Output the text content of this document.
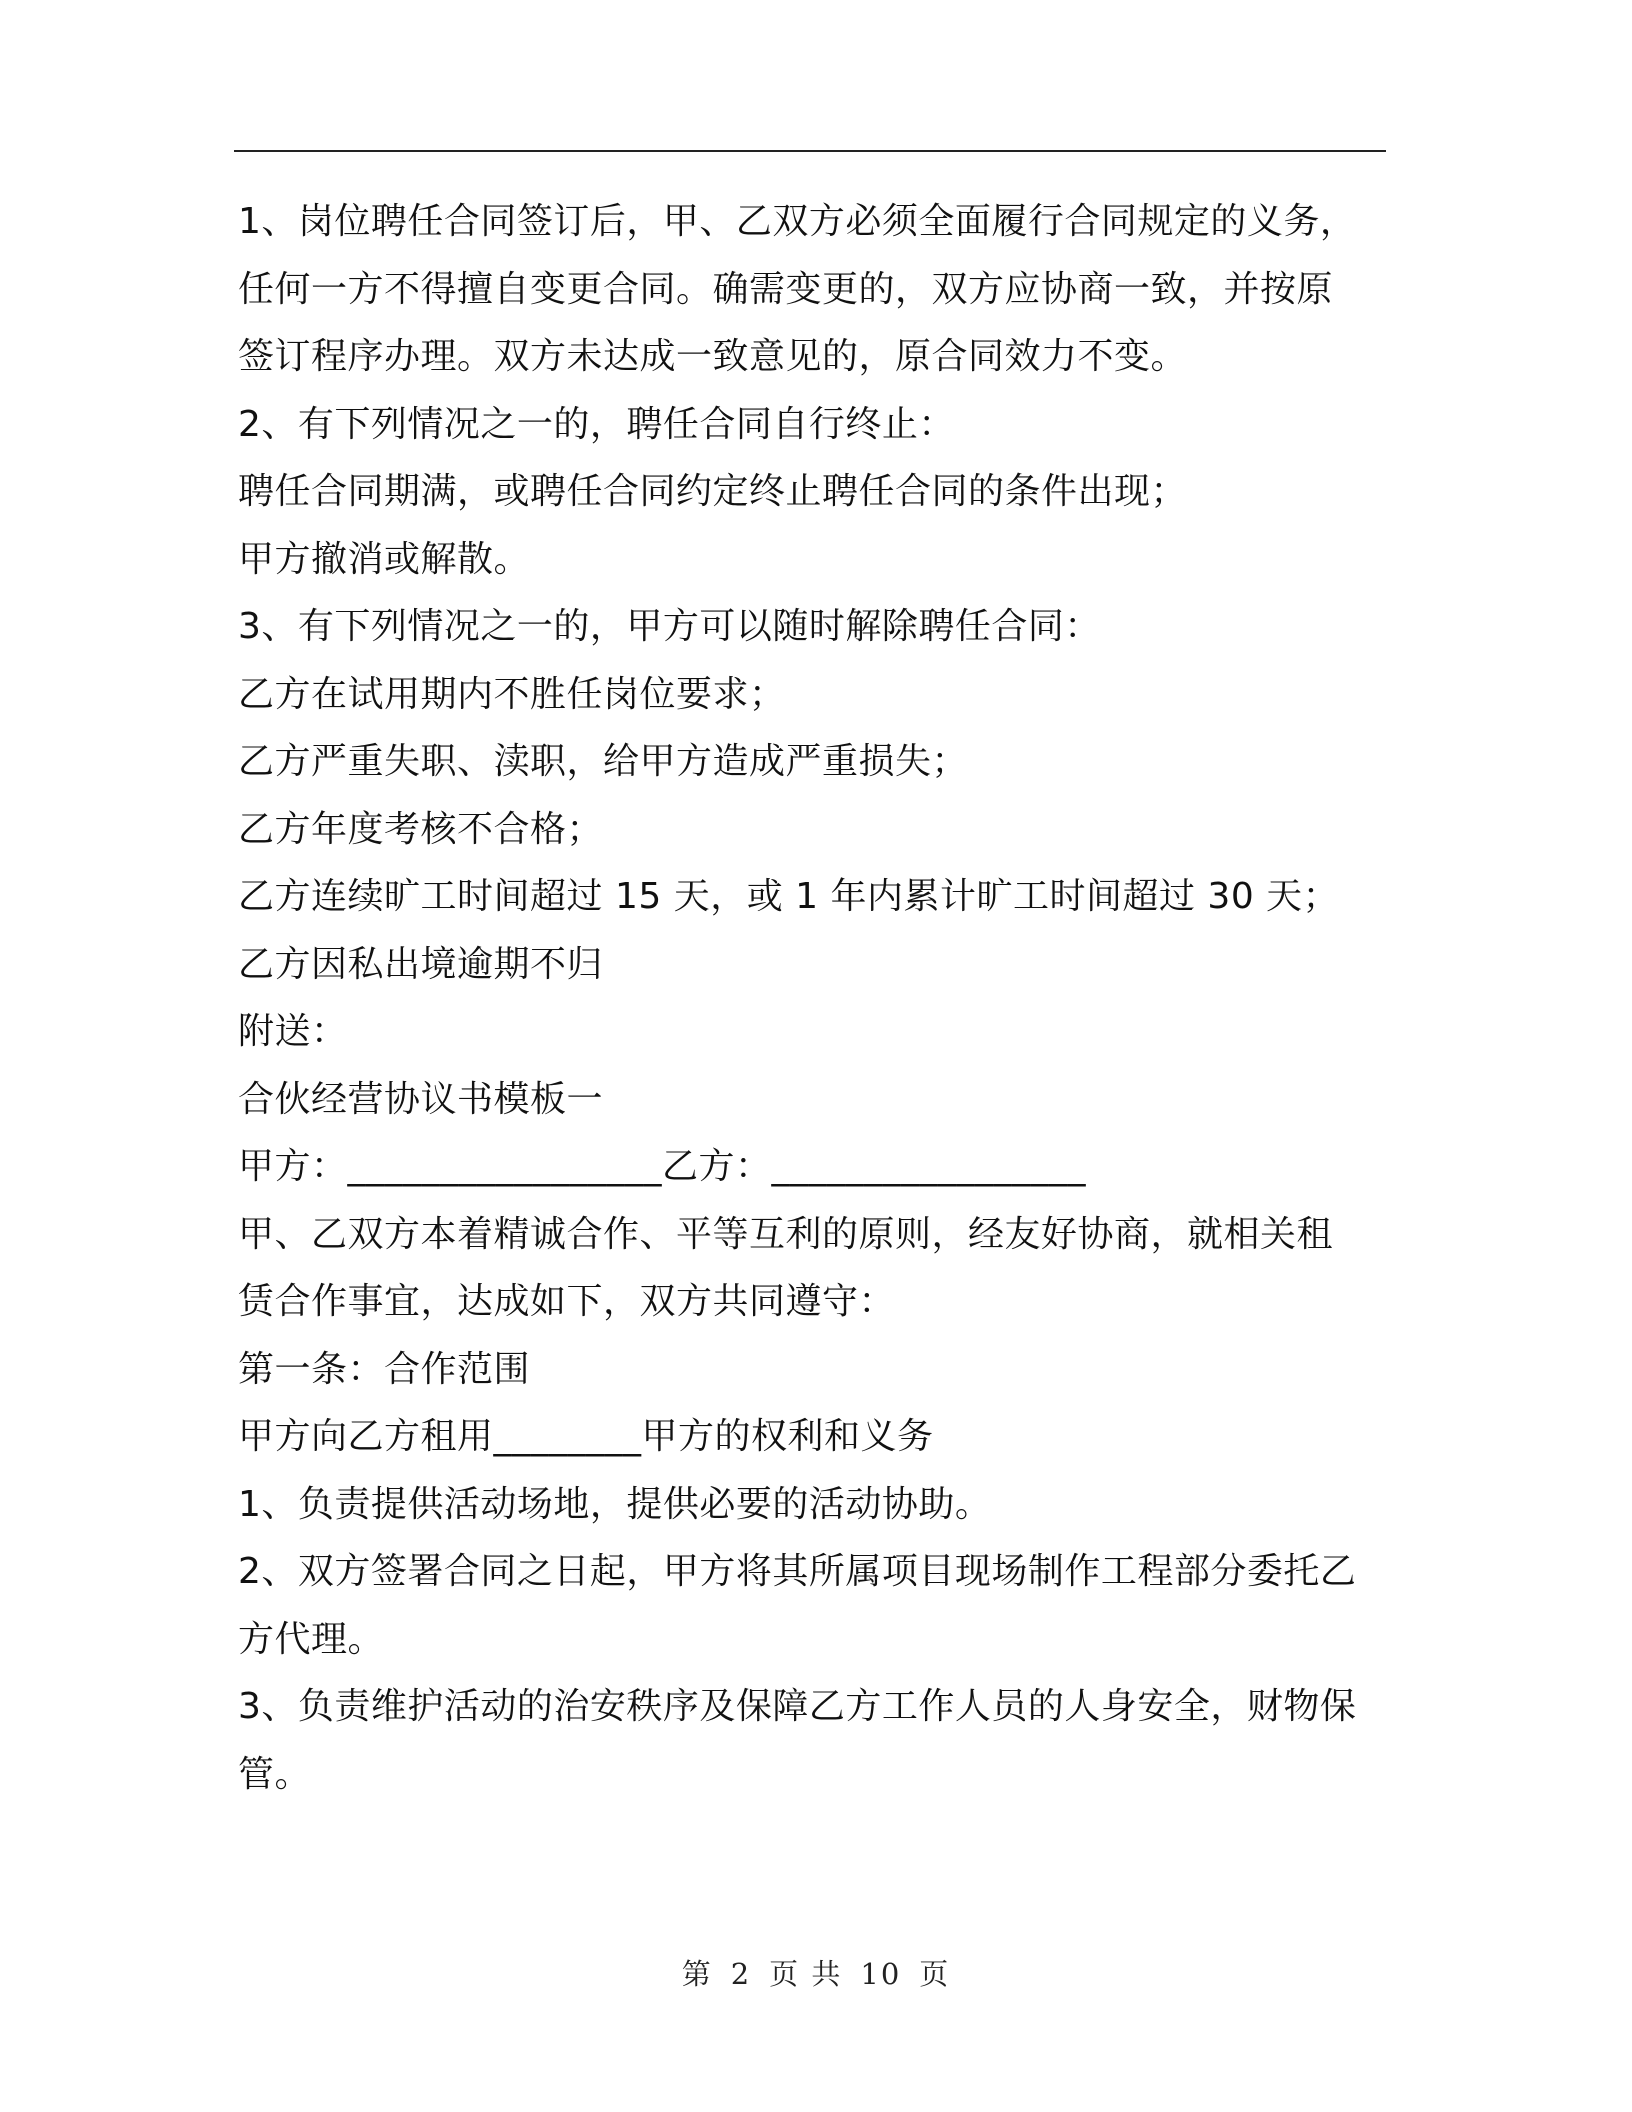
1、岗位聘任合同签订后，甲、乙双方必须全面履行合同规定的义务，
任何一方不得擅自变更合同。确需变更的，双方应协商一致，并按原
签订程序办理。双方未达成一致意见的，原合同效力不变。
2、有下列情况之一的，聘任合同自行终止：
聘任合同期满，或聘任合同约定终止聘任合同的条件出现；
甲方撤消或解散。
3、有下列情况之一的，甲方可以随时解除聘任合同：
乙方在试用期内不胜任岗位要求；
乙方严重失职、渎职，给甲方造成严重损失；
乙方年度考核不合格；
乙方连续旷工时间超过 15 天，或 1 年内累计旷工时间超过 30 天；
乙方因私出境逾期不归
附送：
合伙经营协议书模板一
甲方：_________________乙方：_________________
甲、乙双方本着精诚合作、平等互利的原则，经友好协商，就相关租
赁合作事宜，达成如下，双方共同遵守：
第一条：合作范围
甲方向乙方租用________甲方的权利和义务
1、负责提供活动场地，提供必要的活动协助。
2、双方签署合同之日起，甲方将其所属项目现场制作工程部分委托乙
方代理。
3、负责维护活动的治安秩序及保障乙方工作人员的人身安全，财物保
管。
第 2 页 共 10 页
